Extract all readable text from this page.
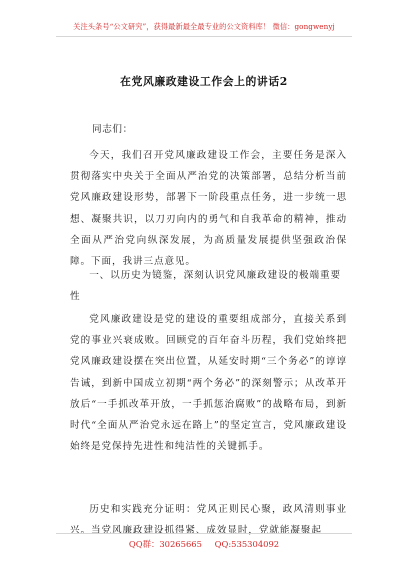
关注头条号“公文研究”，获得最新最全最专业的公文资料库！ 微信：gongwenyj
在党风廉政建设工作会上的讲话2
同志们：

今天，我们召开党风廉政建设工作会，主要任务是深入贯彻落实中央关于全面从严治党的决策部署，总结分析当前党风廉政建设形势，部署下一阶段重点任务，进一步统一思想、凝聚共识，以刀刃向内的勇气和自我革命的精神，推动全面从严治党向纵深发展，为高质量发展提供坚强政治保障。下面，我讲三点意见。

一、以历史为镜鉴，深刻认识党风廉政建设的极端重要性

党风廉政建设是党的建设的重要组成部分，直接关系到党的事业兴衰成败。回顾党的百年奋斗历程，我们党始终把党风廉政建设摆在突出位置，从延安时期“三个务必”的谆谆告诫，到新中国成立初期“两个务必”的深刻警示；从改革开放后“一手抓改革开放，一手抓惩治腐败”的战略布局，到新时代“全面从严治党永远在路上”的坚定宣言，党风廉政建设始终是党保持先进性和纯洁性的关键抓手。

历史和实践充分证明：党风正则民心聚，政风清则事业兴。当党风廉政建设抓得紧、成效显时，党就能凝聚起

QQ群：30265665 QQ:535304092
